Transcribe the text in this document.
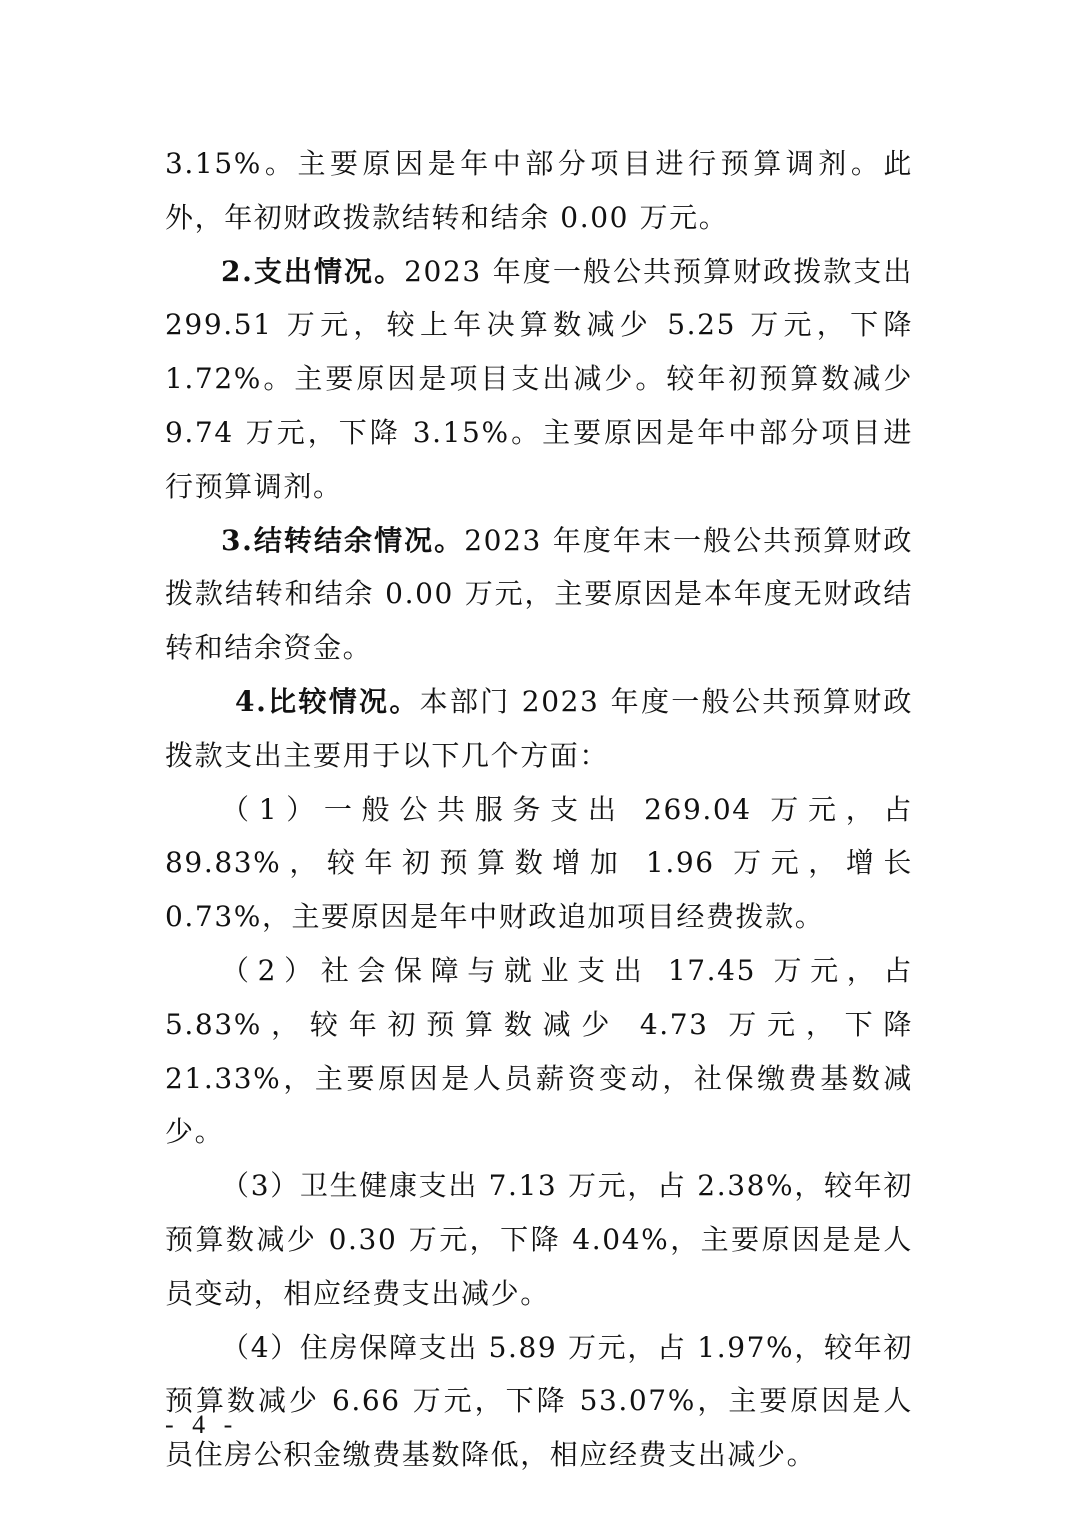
3.15%。主要原因是年中部分项目进行预算调剂。此外，年初财政拨款结转和结余 0.00 万元。

2.支出情况。2023 年度一般公共预算财政拨款支出 299.51 万元，较上年决算数减少 5.25 万元，下降 1.72%。主要原因是项目支出减少。较年初预算数减少 9.74 万元，下降 3.15%。主要原因是年中部分项目进行预算调剂。

3.结转结余情况。2023 年度年末一般公共预算财政拨款结转和结余 0.00 万元，主要原因是本年度无财政结转和结余资金。

4.比较情况。本部门 2023 年度一般公共预算财政拨款支出主要用于以下几个方面：

（1）一般公共服务支出 269.04 万元，占 89.83%，较年初预算数增加 1.96 万元，增长 0.73%，主要原因是年中财政追加项目经费拨款。

（2）社会保障与就业支出 17.45 万元，占 5.83%，较年初预算数减少 4.73 万元，下降 21.33%，主要原因是人员薪资变动，社保缴费基数减少。

（3）卫生健康支出 7.13 万元，占 2.38%，较年初预算数减少 0.30 万元，下降 4.04%，主要原因是是人员变动，相应经费支出减少。

（4）住房保障支出 5.89 万元，占 1.97%，较年初预算数减少 6.66 万元，下降 53.07%，主要原因是人员住房公积金缴费基数降低，相应经费支出减少。

- 4 -
